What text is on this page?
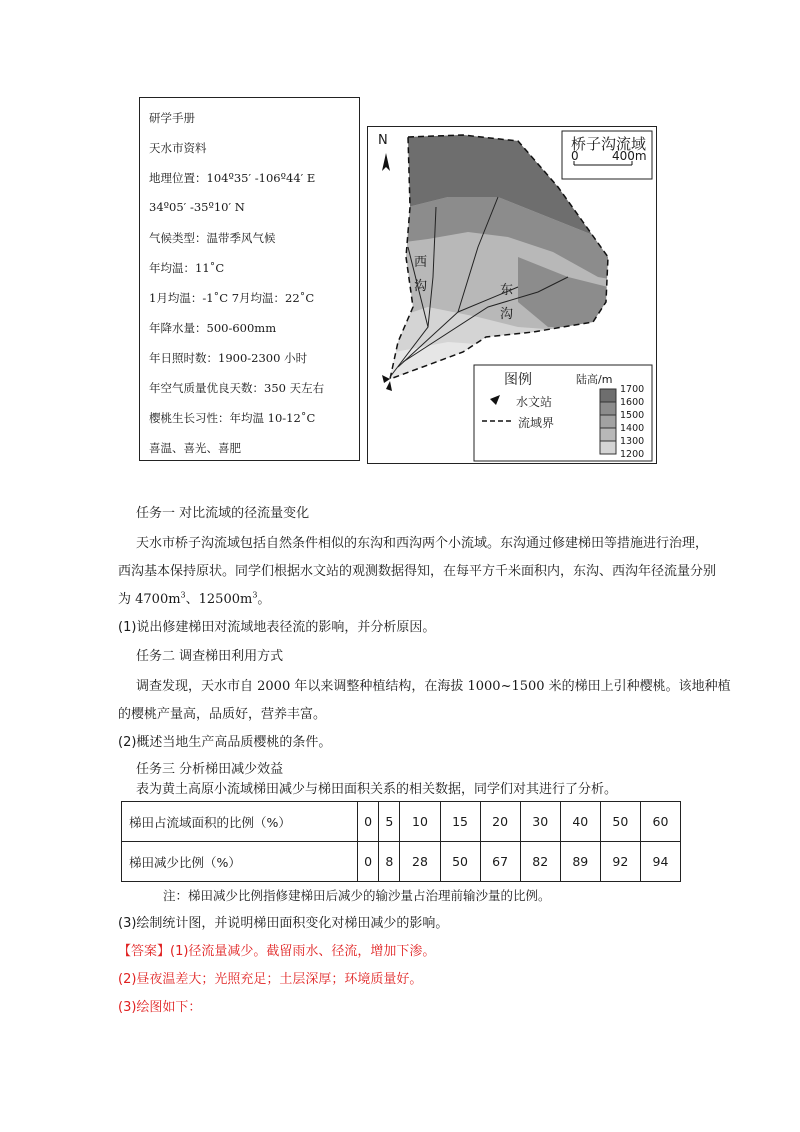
研学手册
天水市资料
地理位置：104º35′ -106º44′ E
34º05′ -35º10′ N
气候类型：温带季风气候
年均温：11˚C
1月均温：-1˚C 7月均温：22˚C
年降水量：500-600mm
年日照时数：1900-2300 小时
年空气质量优良天数：350 天左右
樱桃生长习性：年均温 10-12˚C
喜温、喜光、喜肥
N	桥子沟流域
0	400m
西
沟	东
沟
图例	陆高/m
水文站
流域界
1700
1600
1500
1400
1300
1200
任务一 对比流域的径流量变化
天水市桥子沟流域包括自然条件相似的东沟和西沟两个小流域。东沟通过修建梯田等措施进行治理，
西沟基本保持原状。同学们根据水文站的观测数据得知，在每平方千米面积内，东沟、西沟年径流量分别
为 $4700m^3$、$12500m^3$。
(1)说出修建梯田对流域地表径流的影响，并分析原因。
任务二 调查梯田利用方式
调查发现，天水市自 2000 年以来调整种植结构，在海拔 1000~1500 米的梯田上引种樱桃。该地种植
的樱桃产量高，品质好，营养丰富。
(2)概述当地生产高品质樱桃的条件。
任务三 分析梯田减少效益
表为黄土高原小流域梯田减少与梯田面积关系的相关数据，同学们对其进行了分析。
梯田占流域面积的比例（%）	0	5	10	15	20	30	40	50	60
梯田减少比例（%）	0	8	28	50	67	82	89	92	94
注：梯田减少比例指修建梯田后减少的输沙量占治理前输沙量的比例。
(3)绘制统计图，并说明梯田面积变化对梯田减少的影响。
【答案】(1)径流量减少。截留雨水、径流，增加下渗。
(2)昼夜温差大；光照充足；土层深厚；环境质量好。
(3)绘图如下：
